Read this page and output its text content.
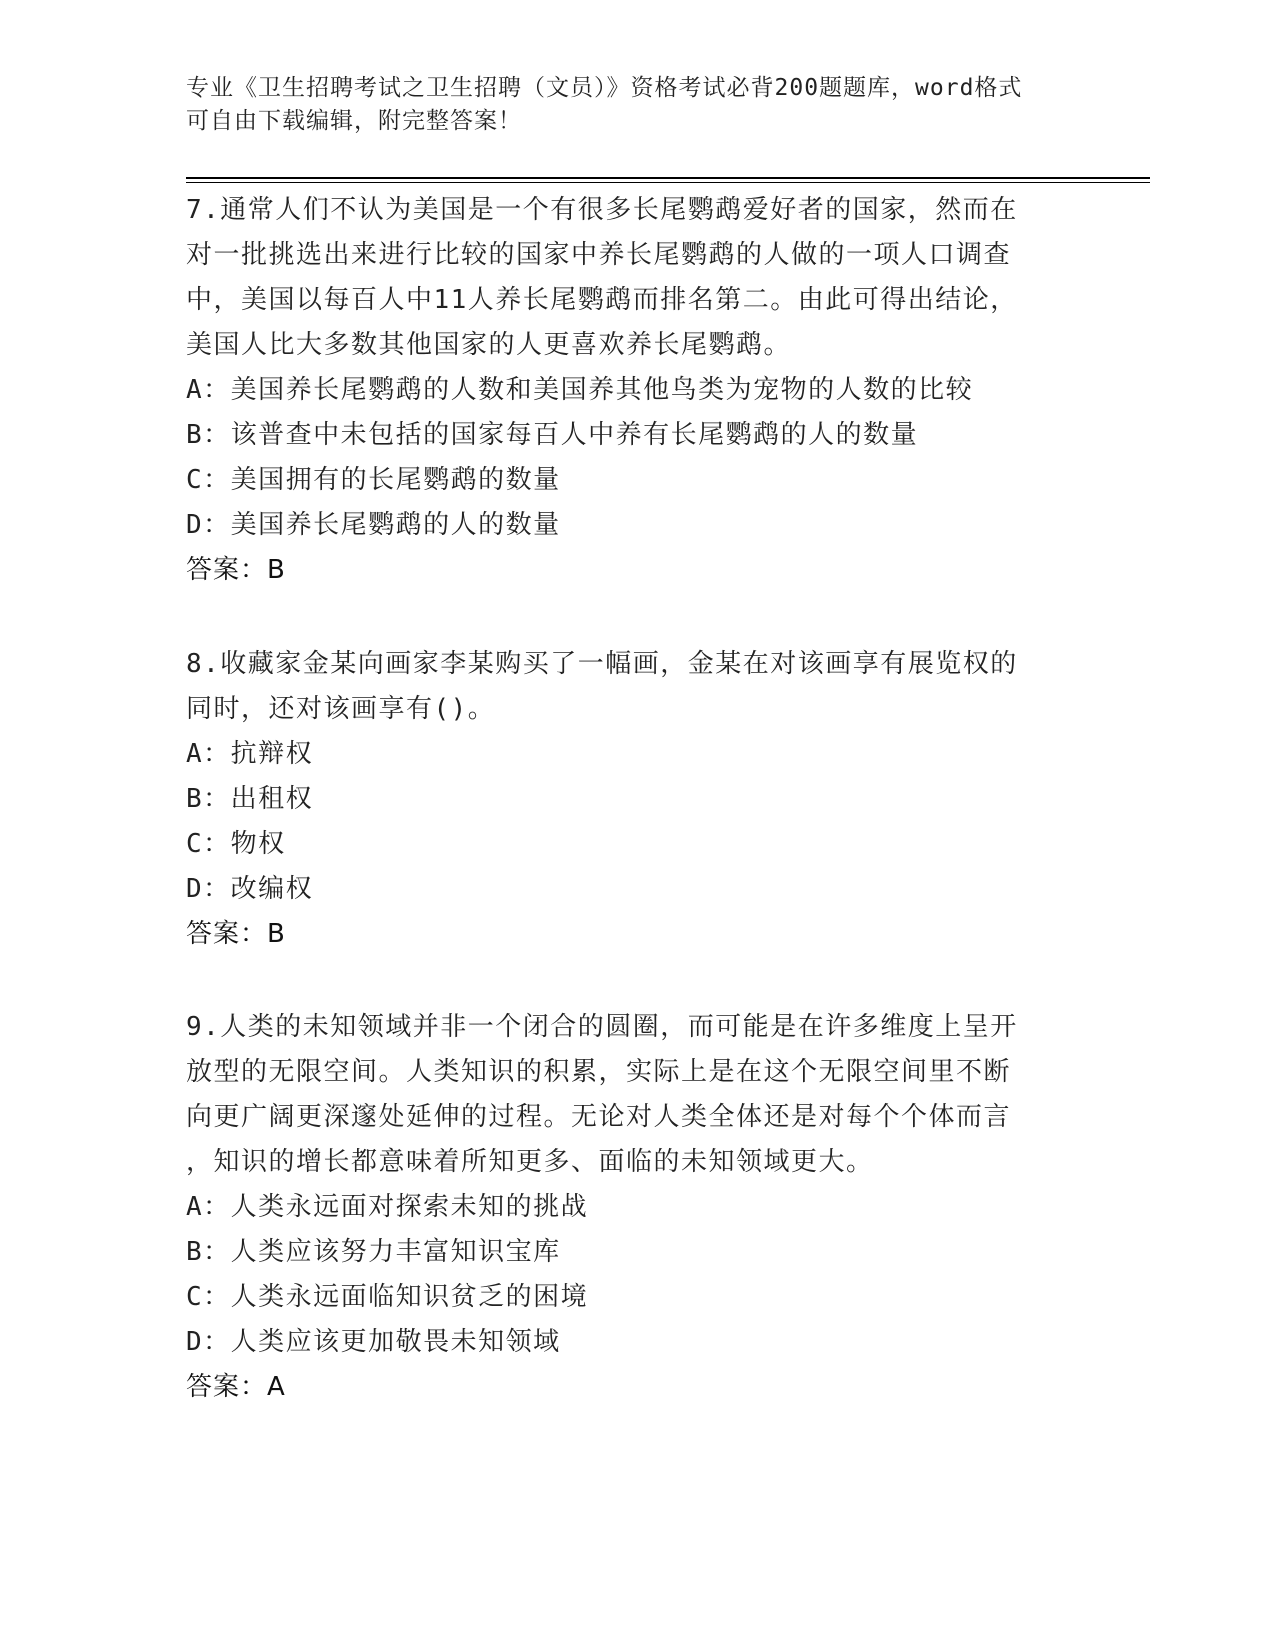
专业《卫生招聘考试之卫生招聘（文员）》资格考试必背200题题库，word格式
可自由下载编辑，附完整答案！

7.通常人们不认为美国是一个有很多长尾鹦鹉爱好者的国家，然而在

对一批挑选出来进行比较的国家中养长尾鹦鹉的人做的一项人口调查

中，美国以每百人中11人养长尾鹦鹉而排名第二。由此可得出结论，

美国人比大多数其他国家的人更喜欢养长尾鹦鹉。

A：美国养长尾鹦鹉的人数和美国养其他鸟类为宠物的人数的比较

B：该普查中未包括的国家每百人中养有长尾鹦鹉的人的数量

C：美国拥有的长尾鹦鹉的数量

D：美国养长尾鹦鹉的人的数量

答案：B

8.收藏家金某向画家李某购买了一幅画，金某在对该画享有展览权的

同时，还对该画享有()。

A：抗辩权

B：出租权

C：物权

D：改编权

答案：B

9.人类的未知领域并非一个闭合的圆圈，而可能是在许多维度上呈开

放型的无限空间。人类知识的积累，实际上是在这个无限空间里不断

向更广阔更深邃处延伸的过程。无论对人类全体还是对每个个体而言

，知识的增长都意味着所知更多、面临的未知领域更大。

A：人类永远面对探索未知的挑战

B：人类应该努力丰富知识宝库

C：人类永远面临知识贫乏的困境

D：人类应该更加敬畏未知领域

答案：A
